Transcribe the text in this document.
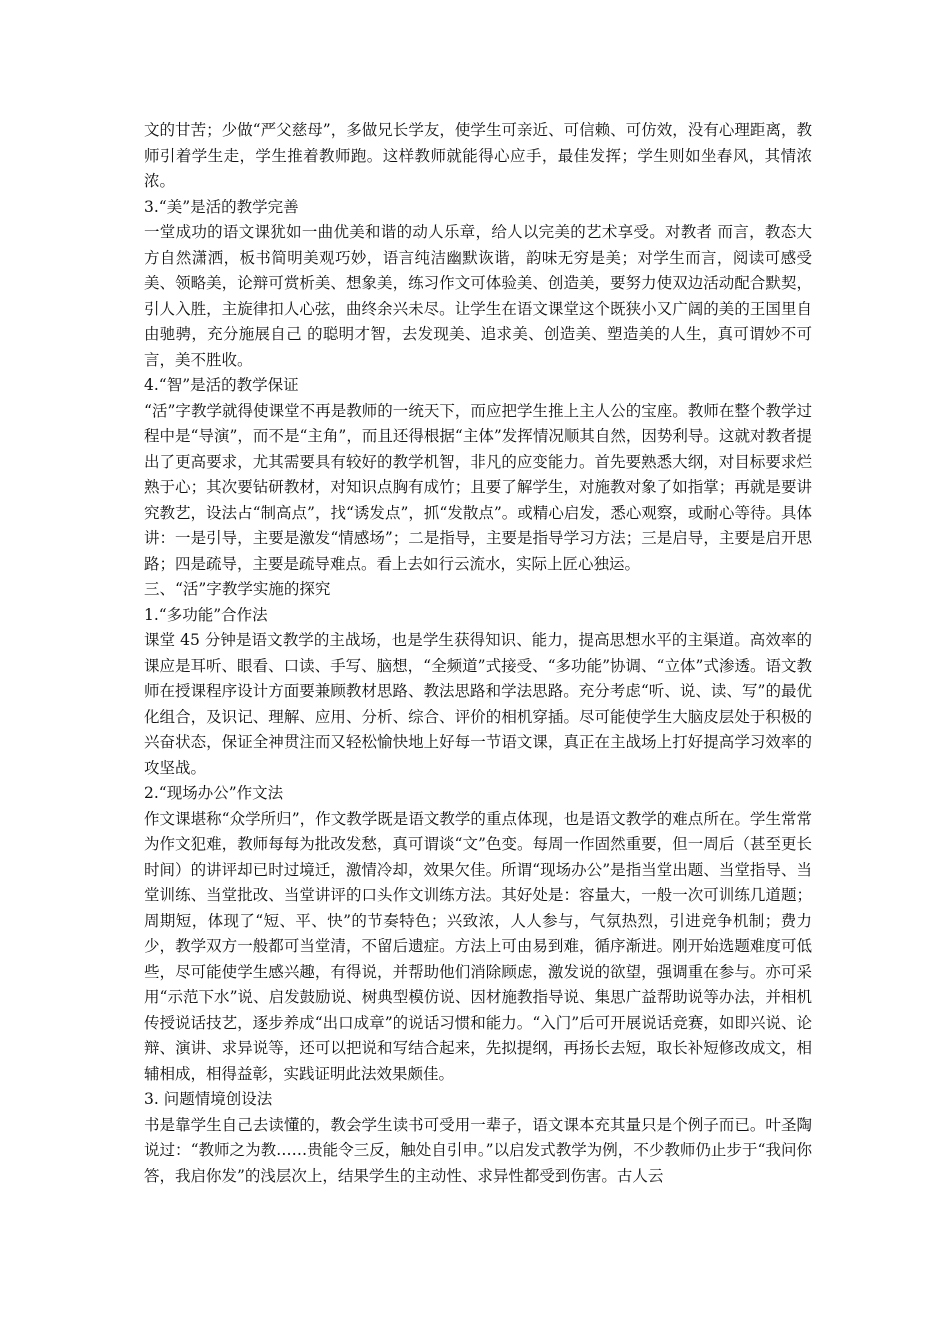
文的甘苦；少做“严父慈母”，多做兄长学友，使学生可亲近、可信赖、可仿效，没有心理距离，教师引着学生走，学生推着教师跑。这样教师就能得心应手，最佳发挥；学生则如坐春风，其情浓浓。

3.“美”是活的教学完善

一堂成功的语文课犹如一曲优美和谐的动人乐章，给人以完美的艺术享受。对教者 而言，教态大方自然潇洒，板书简明美观巧妙，语言纯洁幽默诙谐，韵味无穷是美；对学生而言，阅读可感受美、领略美，论辩可赏析美、想象美，练习作文可体验美、创造美，要努力使双边活动配合默契，引人入胜，主旋律扣人心弦，曲终余兴未尽。让学生在语文课堂这个既狭小又广阔的美的王国里自由驰骋，充分施展自己 的聪明才智，去发现美、追求美、创造美、塑造美的人生，真可谓妙不可言，美不胜收。

4.“智”是活的教学保证

“活”字教学就得使课堂不再是教师的一统天下，而应把学生推上主人公的宝座。教师在整个教学过程中是“导演”，而不是“主角”，而且还得根据“主体”发挥情况顺其自然，因势利导。这就对教者提出了更高要求，尤其需要具有较好的教学机智，非凡的应变能力。首先要熟悉大纲，对目标要求烂熟于心；其次要钻研教材，对知识点胸有成竹；且要了解学生，对施教对象了如指掌；再就是要讲究教艺，设法占“制高点”，找“诱发点”，抓“发散点”。或精心启发，悉心观察，或耐心等待。具体讲：一是引导，主要是激发“情感场”；二是指导，主要是指导学习方法；三是启导，主要是启开思路；四是疏导，主要是疏导难点。看上去如行云流水，实际上匠心独运。

三、“活”字教学实施的探究

1.“多功能”合作法

课堂 45 分钟是语文教学的主战场，也是学生获得知识、能力，提高思想水平的主渠道。高效率的课应是耳听、眼看、口读、手写、脑想，“全频道”式接受、“多功能”协调、“立体”式渗透。语文教师在授课程序设计方面要兼顾教材思路、教法思路和学法思路。充分考虑“听、说、读、写”的最优化组合，及识记、理解、应用、分析、综合、评价的相机穿插。尽可能使学生大脑皮层处于积极的兴奋状态，保证全神贯注而又轻松愉快地上好每一节语文课，真正在主战场上打好提高学习效率的攻坚战。

2.“现场办公”作文法

作文课堪称“众学所归”，作文教学既是语文教学的重点体现，也是语文教学的难点所在。学生常常为作文犯难，教师每每为批改发愁，真可谓谈“文”色变。每周一作固然重要，但一周后（甚至更长时间）的讲评却已时过境迁，激情冷却，效果欠佳。所谓“现场办公”是指当堂出题、当堂指导、当堂训练、当堂批改、当堂讲评的口头作文训练方法。其好处是：容量大，一般一次可训练几道题；周期短，体现了“短、平、快”的节奏特色；兴致浓，人人参与，气氛热烈，引进竞争机制；费力少，教学双方一般都可当堂清，不留后遗症。方法上可由易到难，循序渐进。刚开始选题难度可低些，尽可能使学生感兴趣，有得说，并帮助他们消除顾虑，激发说的欲望，强调重在参与。亦可采用“示范下水”说、启发鼓励说、树典型模仿说、因材施教指导说、集思广益帮助说等办法，并相机传授说话技艺，逐步养成“出口成章”的说话习惯和能力。“入门”后可开展说话竞赛，如即兴说、论辩、演讲、求异说等，还可以把说和写结合起来，先拟提纲，再扬长去短，取长补短修改成文，相辅相成，相得益彰，实践证明此法效果颇佳。

3. 问题情境创设法

书是靠学生自己去读懂的，教会学生读书可受用一辈子，语文课本充其量只是个例子而已。叶圣陶说过：“教师之为教……贵能令三反，触处自引申。”以启发式教学为例，不少教师仍止步于“我问你答，我启你发”的浅层次上，结果学生的主动性、求异性都受到伤害。古人云
